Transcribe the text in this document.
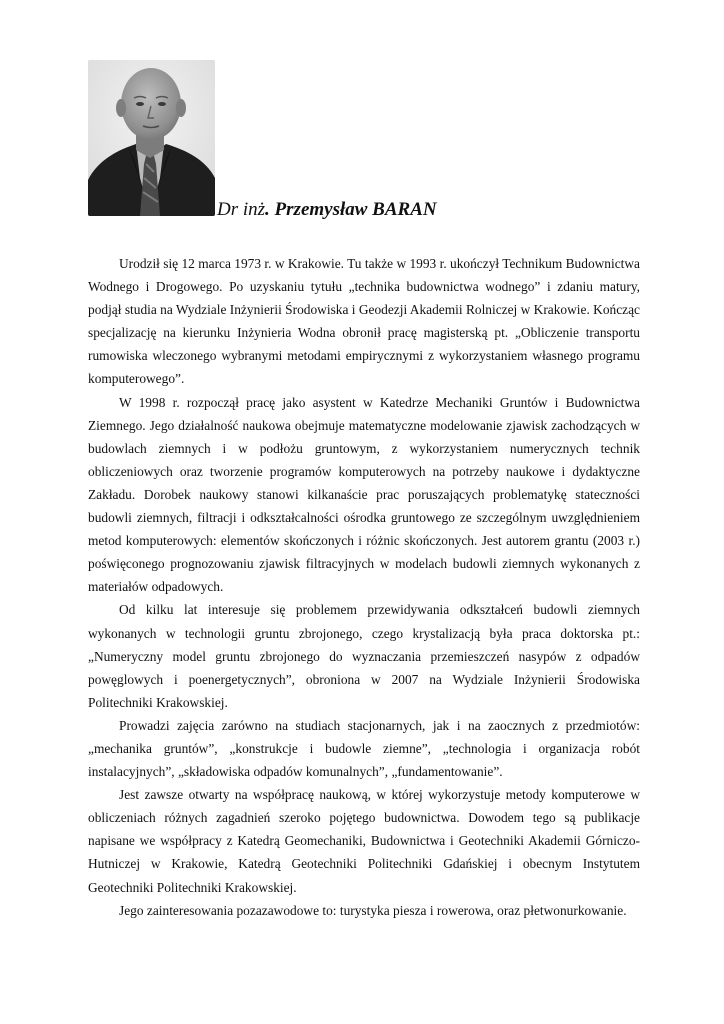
Dr inż. Przemysław BARAN

Urodził się 12 marca 1973 r. w Krakowie. Tu także w 1993 r. ukończył Technikum Budownictwa Wodnego i Drogowego. Po uzyskaniu tytułu „technika budownictwa wodnego” i zdaniu matury, podjął studia na Wydziale Inżynierii Środowiska i Geodezji Akademii Rolniczej w Krakowie. Kończąc specjalizację na kierunku Inżynieria Wodna obronił pracę magisterską pt. „Obliczenie transportu rumowiska wleczonego wybranymi metodami empirycznymi z wykorzystaniem własnego programu komputerowego”.

W 1998 r. rozpoczął pracę jako asystent w Katedrze Mechaniki Gruntów i Budownictwa Ziemnego. Jego działalność naukowa obejmuje matematyczne modelowanie zjawisk zachodzących w budowlach ziemnych i w podłożu gruntowym, z wykorzystaniem numerycznych technik obliczeniowych oraz tworzenie programów komputerowych na potrzeby naukowe i dydaktyczne Zakładu. Dorobek naukowy stanowi kilkanaście prac poruszających problematykę stateczności budowli ziemnych, filtracji i odkształcalności ośrodka gruntowego ze szczególnym uwzględnieniem metod komputerowych: elementów skończonych i różnic skończonych. Jest autorem grantu (2003 r.) poświęconego prognozowaniu zjawisk filtracyjnych w modelach budowli ziemnych wykonanych z materiałów odpadowych.

Od kilku lat interesuje się problemem przewidywania odkształceń budowli ziemnych wykonanych w technologii gruntu zbrojonego, czego krystalizacją była praca doktorska pt.: „Numeryczny model gruntu zbrojonego do wyznaczania przemieszczeń nasypów z odpadów powęglowych i poenergetycznych”, obroniona w 2007 na Wydziale Inżynierii Środowiska Politechniki Krakowskiej.

Prowadzi zajęcia zarówno na studiach stacjonarnych, jak i na zaocznych z przedmiotów: „mechanika gruntów”, „konstrukcje i budowle ziemne”, „technologia i organizacja robót instalacyjnych”, „składowiska odpadów komunalnych”, „fundamentowanie”.

Jest zawsze otwarty na współpracę naukową, w której wykorzystuje metody komputerowe w obliczeniach różnych zagadnień szeroko pojętego budownictwa. Dowodem tego są publikacje napisane we współpracy z Katedrą Geomechaniki, Budownictwa i Geotechniki Akademii Górniczo-Hutniczej w Krakowie, Katedrą Geotechniki Politechniki Gdańskiej i obecnym Instytutem Geotechniki Politechniki Krakowskiej.

Jego zainteresowania pozazawodowe to: turystyka piesza i rowerowa, oraz płetwonurkowanie.
